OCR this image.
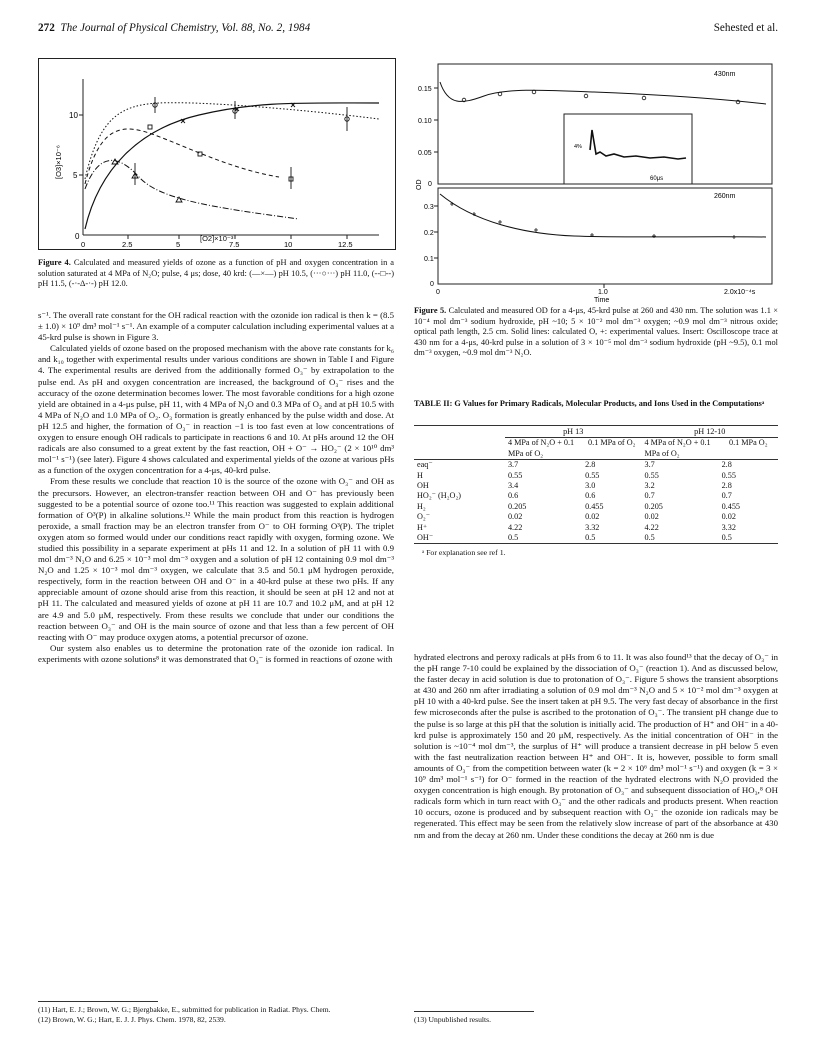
272 The Journal of Physical Chemistry, Vol. 88, No. 2, 1984	Sehested et al.
10
5
0
0	2.5	5	7.5	10	12.5
[O3]×10⁻⁶
[O2]×10⁻³
Figure 4. Calculated and measured yields of ozone as a function of pH and oxygen concentration in a solution saturated at 4 MPa of N₂O; pulse, 4 μs; dose, 40 krd: (—×—) pH 10.5, (···○···) pH 11.0, (--□--) pH 11.5, (-·-Δ-·-) pH 12.0.

s⁻¹. The overall rate constant for the OH radical reaction with the ozonide ion radical is then k = (8.5 ± 1.0) × 10⁹ dm³ mol⁻¹ s⁻¹. An example of a computer calculation including experimental values at a 45-krd pulse is shown in Figure 3.

Calculated yields of ozone based on the proposed mechanism with the above rate constants for k₆ and k₁₀ together with experimental results under various conditions are shown in Table I and Figure 4. The experimental results are derived from the additionally formed O₃⁻ by extrapolation to the pulse end. As pH and oxygen concentration are increased, the background of O₃⁻ rises and the accuracy of the ozone determination becomes lower. The most favorable conditions for a high ozone yield are obtained in a 4-μs pulse, pH 11, with 4 MPa of N₂O and 0.3 MPa of O₂ and at pH 10.5 with 4 MPa of N₂O and 1.0 MPa of O₂. O₃ formation is greatly enhanced by the pulse width and dose. At pH 12.5 and higher, the formation of O₃⁻ in reaction −1 is too fast even at low concentrations of oxygen to ensure enough OH radicals to participate in reactions 6 and 10. At pHs around 12 the OH radicals are also consumed to a great extent by the fast reaction, OH + O⁻ → HO₂⁻ (2 × 10¹⁰ dm³ mol⁻¹ s⁻¹) (see later). Figure 4 shows calculated and experimental yields of the ozone at various pHs as a function of the oxygen concentration for a 4-μs, 40-krd pulse.

From these results we conclude that reaction 10 is the source of the ozone with O₃⁻ and OH as the precursors. However, an electron-transfer reaction between OH and O⁻ has previously been suggested to be a potential source of ozone too.¹¹ This reaction was suggested to explain additional formation of O³(P) in alkaline solutions.¹² While the main product from this reaction is hydrogen peroxide, a small fraction may be an electron transfer from O⁻ to OH forming O³(P). The triplet oxygen atom so formed would under our conditions react rapidly with oxygen, forming ozone. We studied this possibility in a separate experiment at pHs 11 and 12. In a solution of pH 11 with 0.9 mol dm⁻³ N₂O and 6.25 × 10⁻³ mol dm⁻³ oxygen and a solution of pH 12 containing 0.9 mol dm⁻³ N₂O and 1.25 × 10⁻³ mol dm⁻³ oxygen, we calculate that 3.5 and 50.1 μM hydrogen peroxide, respectively, form in the reaction between OH and O⁻ in a 40-krd pulse at these two pHs. If any appreciable amount of ozone should arise from this reaction, it should be seen at pH 12 and not at pH 11. The calculated and measured yields of ozone at pH 11 are 10.7 and 10.2 μM, and at pH 12 are 4.9 and 5.0 μM, respectively. From these results we conclude that under our conditions the reaction between O₃⁻ and OH is the main source of ozone and that less than a few percent of OH reacting with O⁻ may produce oxygen atoms, a potential precursor of ozone.

Our system also enables us to determine the protonation rate of the ozonide ion radical. In experiments with ozone solutions⁸ it was demonstrated that O₃⁻ is formed in reactions of ozone with

(11) Hart, E. J.; Brown, W. G.; Bjergbakke, E., submitted for publication in Radiat. Phys. Chem.
(12) Brown, W. G.; Hart, E. J. J. Phys. Chem. 1978, 82, 2539.
0.15
0.10
0.05
0
0.3
0.2
0.1
0
OD
430nm
260nm
0	1.0	2.0x10⁻⁴s
Time
4%
60μs
Figure 5. Calculated and measured OD for a 4-μs, 45-krd pulse at 260 and 430 nm. The solution was 1.1 × 10⁻⁴ mol dm⁻³ sodium hydroxide, pH ~10; 5 × 10⁻² mol dm⁻³ oxygen; ~0.9 mol dm⁻³ nitrous oxide; optical path length, 2.5 cm. Solid lines: calculated O, +: experimental values. Insert: Oscilloscope trace at 430 nm for a 4-μs, 40-krd pulse in a solution of 3 × 10⁻⁵ mol dm⁻³ sodium hydroxide (pH ~9.5), 0.1 mol dm⁻³ oxygen, ~0.9 mol dm⁻³ N₂O.
TABLE II: G Values for Primary Radicals, Molecular Products, and Ions Used in the Computationsᵃ
	pH 13		pH 12-10	
	4 MPa of N₂O + 0.1 MPa of O₂	0.1 MPa of O₂	4 MPa of N₂O + 0.1 MPa of O₂	0.1 MPa O₂
eaq⁻	3.7	2.8	3.7	2.8
H	0.55	0.55	0.55	0.55
OH	3.4	3.0	3.2	2.8
HO₂⁻ (H₂O₂)	0.6	0.6	0.7	0.7
H₂	0.205	0.455	0.205	0.455
O₂⁻	0.02	0.02	0.02	0.02
H⁺	4.22	3.32	4.22	3.32
OH⁻	0.5	0.5	0.5	0.5
ᵃ For explanation see ref 1.

hydrated electrons and peroxy radicals at pHs from 6 to 11. It was also found¹³ that the decay of O₃⁻ in the pH range 7-10 could be explained by the dissociation of O₃⁻ (reaction 1). And as discussed below, the faster decay in acid solution is due to protonation of O₃⁻. Figure 5 shows the transient absorptions at 430 and 260 nm after irradiating a solution of 0.9 mol dm⁻³ N₂O and 5 × 10⁻² mol dm⁻³ oxygen at pH 10 with a 40-krd pulse. See the insert taken at pH 9.5. The very fast decay of absorbance in the first few microseconds after the pulse is ascribed to the protonation of O₃⁻. The transient pH change due to the pulse is so large at this pH that the solution is initially acid. The production of H⁺ and OH⁻ in a 40-krd pulse is approximately 150 and 20 μM, respectively. As the initial concentration of OH⁻ in the solution is ~10⁻⁴ mol dm⁻³, the surplus of H⁺ will produce a transient decrease in pH below 5 even with the fast neutralization reaction between H⁺ and OH⁻. It is, however, possible to form small amounts of O₃⁻ from the competition between water (k = 2 × 10⁶ dm³ mol⁻¹ s⁻¹) and oxygen (k = 3 × 10⁹ dm³ mol⁻¹ s⁻¹) for O⁻ formed in the reaction of the hydrated electrons with N₂O provided the oxygen concentration is high enough. By protonation of O₃⁻ and subsequent dissociation of HO₃,⁸ OH radicals form which in turn react with O₃⁻ and the other radicals and products present. When reaction 10 occurs, ozone is produced and by subsequent reaction with O₂⁻ the ozonide ion radicals may be regenerated. This effect may be seen from the relatively slow increase of part of the absorbance at 430 nm and from the decay at 260 nm. Under these conditions the decay at 260 nm is due

(13) Unpublished results.
